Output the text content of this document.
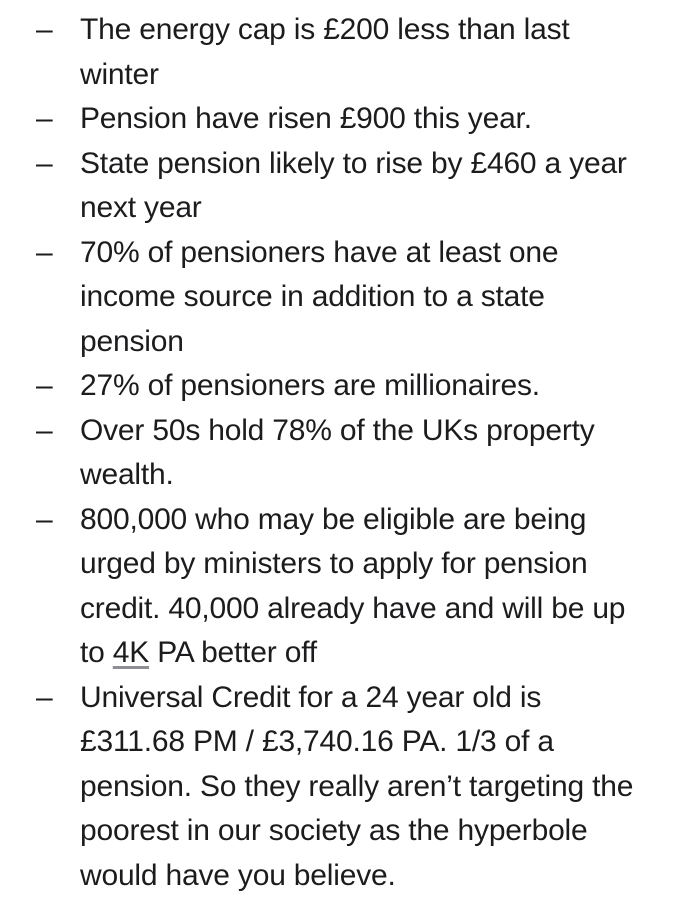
– The energy cap is £200 less than last winter
– Pension have risen £900 this year.
– State pension likely to rise by £460 a year next year
– 70% of pensioners have at least one income source in addition to a state pension
– 27% of pensioners are millionaires.
– Over 50s hold 78% of the UKs property wealth.
– 800,000 who may be eligible are being urged by ministers to apply for pension credit. 40,000 already have and will be up to 4K PA better off
– Universal Credit for a 24 year old is £311.68 PM / £3,740.16 PA. 1/3 of a pension. So they really aren’t targeting the poorest in our society as the hyperbole would have you believe.
